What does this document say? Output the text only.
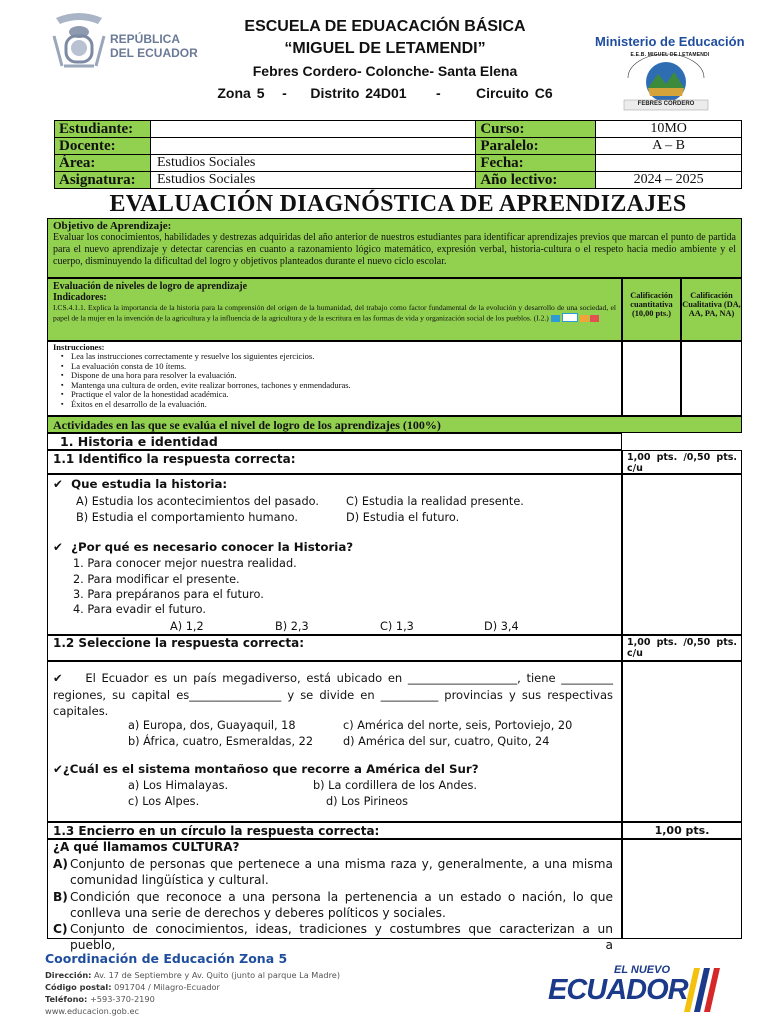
REPÚBLICA
DEL ECUADOR
ESCUELA DE EDUACACIÓN BÁSICA
“MIGUEL DE LETAMENDI”
Febres Cordero- Colonche- Santa Elena
Zona 5   -    Distrito 24D01     -      Circuito C6
Ministerio de Educación
E.E.B. MIGUEL DE LETAMENDI
FEBRES CORDERO
Estudiante:		Curso:	10MO
Docente:		Paralelo:	A – B
Área:	Estudios Sociales	Fecha:	
Asignatura:	Estudios Sociales	Año lectivo:	2024 – 2025
EVALUACIÓN DIAGNÓSTICA DE APRENDIZAJES
Objetivo de Aprendizaje:
Evaluar los conocimientos, habilidades y destrezas adquiridas del año anterior de nuestros estudiantes para identificar aprendizajes previos que marcan el punto de partida para el nuevo aprendizaje y detectar carencias en cuanto a razonamiento lógico matemático, expresión verbal, historia-cultura o el respeto hacia medio ambiente y el cuerpo, disminuyendo la dificultad del logro y objetivos planteados durante el nuevo ciclo escolar.
Evaluación de niveles de logro de aprendizaje
Indicadores:
I.CS.4.1.1. Explica la importancia de la historia para la comprensión del origen de la humanidad, del trabajo como factor fundamental de la evolución y desarrollo de una sociedad, el papel de la mujer en la invención de la agricultura y la influencia de la agricultura y de la escritura en las formas de vida y organización social de los pueblos. (I.2.)
Calificación cuantitativa (10,00 pts.)
Calificación Cualitativa (DA, AA, PA, NA)
Instrucciones:
▪ Lea las instrucciones correctamente y resuelve los siguientes ejercicios.
▪ La evaluación consta de 10 ítems.
▪ Dispone de una hora para resolver la evaluación.
▪ Mantenga una cultura de orden, evite realizar borrones, tachones y enmendaduras.
▪ Practique el valor de la honestidad académica.
▪ Éxitos en el desarrollo de la evaluación.
Actividades en las que se evalúa el nivel de logro de los aprendizajes (100%)
1. Historia e identidad
1.1 Identifico la respuesta correcta:	1,00 pts. /0,50 pts. c/u
✔ Que estudia la historia:
A) Estudia los acontecimientos del pasado. C) Estudia la realidad presente.
B) Estudia el comportamiento humano.	D) Estudia el futuro.
✔ ¿Por qué es necesario conocer la Historia?
1. Para conocer mejor nuestra realidad.
2. Para modificar el presente.
3. Para prepáranos para el futuro.
4. Para evadir el futuro.
A) 1,2	B) 2,3	C) 1,3	D) 3,4
1.2 Seleccione la respuesta correcta:	1,00 pts. /0,50 pts. c/u
✔ El Ecuador es un país megadiverso, está ubicado en ___________________, tiene _________ regiones, su capital es________________ y se divide en __________ provincias y sus respectivas capitales.
a) Europa, dos, Guayaquil, 18	c) América del norte, seis, Portoviejo, 20
b) África, cuatro, Esmeraldas, 22	d) América del sur, cuatro, Quito, 24
✔¿Cuál es el sistema montañoso que recorre a América del Sur?
a) Los Himalayas.	b) La cordillera de los Andes.
c) Los Alpes.	d) Los Pirineos
1.3 Encierro en un círculo la respuesta correcta:	1,00 pts.
¿A qué llamamos CULTURA?
A) Conjunto de personas que pertenece a una misma raza y, generalmente, a una misma comunidad lingüística y cultural.
B) Condición que reconoce a una persona la pertenencia a un estado o nación, lo que conlleva una serie de derechos y deberes políticos y sociales.
C) Conjunto de conocimientos, ideas, tradiciones y costumbres que caracterizan a un pueblo, a
Coordinación de Educación Zona 5
Dirección: Av. 17 de Septiembre y Av. Quito (junto al parque La Madre)
Código postal: 091704 / Milagro-Ecuador
Teléfono: +593-370-2190
www.educacion.gob.ec
EL NUEVO
ECUADOR
